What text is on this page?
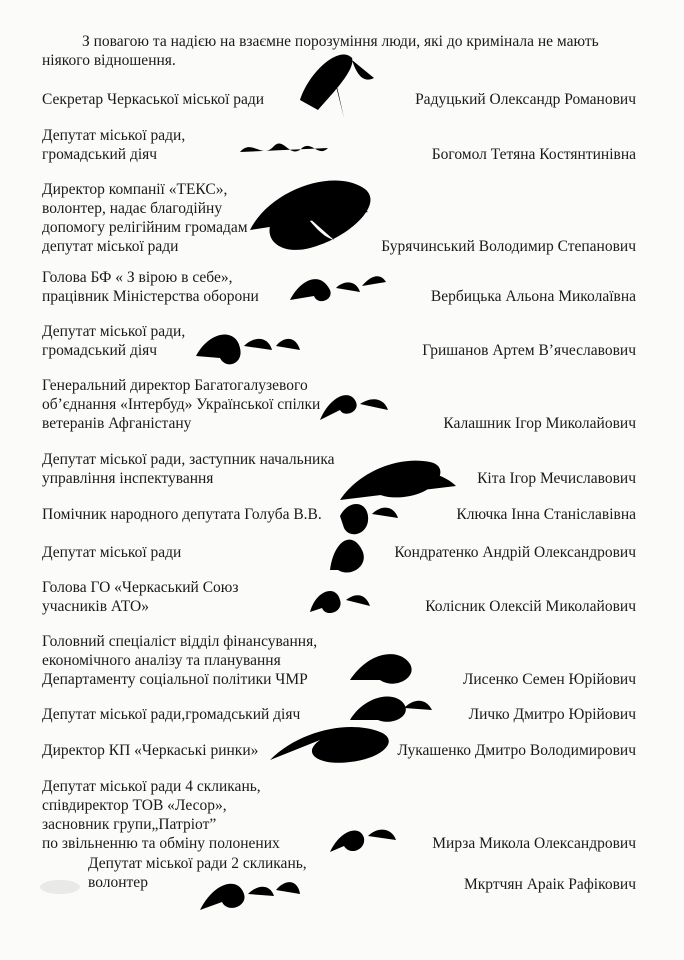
З повагою та надією на взаємне порозуміння люди, які до кримінала не мають
ніякого відношення.
Секретар Черкаської міської ради	Радуцький Олександр Романович
Депутат міської ради,
громадський діяч	Богомол Тетяна Костянтинівна
Директор компанії «ТЕКС»,
волонтер, надає благодійну
допомогу релігійним громадам
депутат міської ради	Бурячинський Володимир Степанович
Голова БФ « З вірою в себе»,
працівник Міністерства оборони	Вербицька Альона Миколаївна
Депутат міської ради,
громадський діяч	Гришанов Артем В’ячеславович
Генеральний директор Багатогалузевого
об’єднання «Інтербуд» Української спілки
ветеранів Афганістану	Калашник Ігор Миколайович
Депутат міської ради, заступник начальника
управління інспектування	Кіта Ігор Мечиславович
Помічник народного депутата Голуба В.В.	Ключка Інна Станіславівна
Депутат міської ради	Кондратенко Андрій Олександрович
Голова ГО «Черкаський Союз
учасників АТО»	Колісник Олексій Миколайович
Головний спеціаліст відділ фінансування,
економічного аналізу та планування
Департаменту соціальної політики ЧМР	Лисенко Семен Юрійович
Депутат міської ради,громадський діяч	Личко Дмитро Юрійович
Директор КП «Черкаські ринки»	Лукашенко Дмитро Володимирович
Депутат міської ради 4 скликань,
співдиректор ТОВ «Лесор»,
засновник групи„Патріот”
по звільненню та обміну полонених	Мирза Микола Олександрович
Депутат міської ради 2 скликань,
волонтер	Мкртчян Араік Рафікович
